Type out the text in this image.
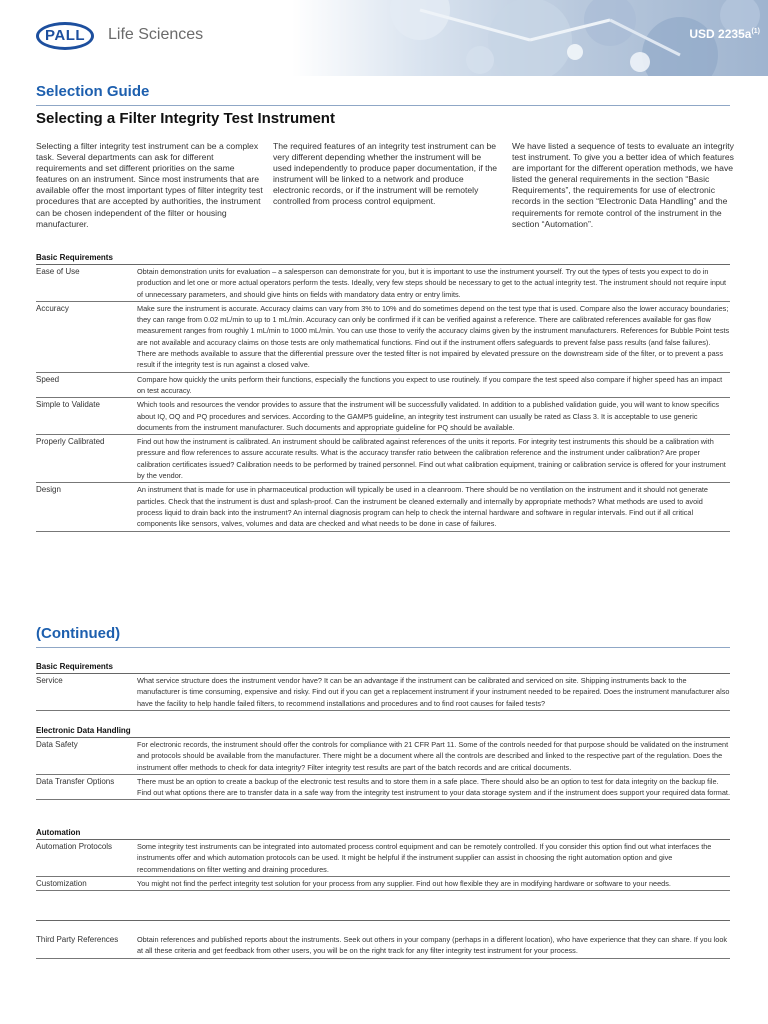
PALL	Life Sciences	USD $2235a^{(1)}$
Selection Guide
Selecting a Filter Integrity Test Instrument
Selecting a filter integrity test instrument can be a complex task. Several departments can ask for different requirements and set different priorities on the same features on an instrument. Since most instruments that are available offer the most important types of filter integrity test procedures that are accepted by authorities, the instrument can be chosen independent of the filter or housing manufacturer.
The required features of an integrity test instrument can be very different depending whether the instrument will be used independently to produce paper documentation, if the instrument will be linked to a network and produce electronic records, or if the instrument will be remotely controlled from process control equipment.
We have listed a sequence of tests to evaluate an integrity test instrument. To give you a better idea of which features are important for the different operation methods, we have listed the general requirements in the section “Basic Requirements”, the requirements for use of electronic records in the section “Electronic Data Handling” and the requirements for remote control of the instrument in the section “Automation”.
Basic Requirements
Ease of Use	Obtain demonstration units for evaluation – a salesperson can demonstrate for you, but it is important to use the instrument yourself. Try out the types of tests you expect to do in production and let one or more actual operators perform the tests. Ideally, very few steps should be necessary to get to the actual integrity test. The instrument should not require input of unnecessary parameters, and should give hints on fields with mandatory data entry or entry limits.
Accuracy	Make sure the instrument is accurate. Accuracy claims can vary from 3% to 10% and do sometimes depend on the test type that is used. Compare also the lower accuracy boundaries; they can range from 0.02 mL/min to up to 1 mL/min. Accuracy can only be confirmed if it can be verified against a reference. There are calibrated references available for gas flow measurement ranges from roughly 1 mL/min to 1000 mL/min. You can use those to verify the accuracy claims given by the instrument manufacturers. References for Bubble Point tests are not available and accuracy claims on those tests are only mathematical functions. Find out if the instrument offers safeguards to prevent false pass results (and false failures). There are methods available to assure that the differential pressure over the tested filter is not impaired by elevated pressure on the downstream side of the filter, or to prevent a pass result if the integrity test is run against a closed valve.
Speed	Compare how quickly the units perform their functions, especially the functions you expect to use routinely. If you compare the test speed also compare if higher speed has an impact on test accuracy.
Simple to Validate	Which tools and resources the vendor provides to assure that the instrument will be successfully validated. In addition to a published validation guide, you will want to know specifics about IQ, OQ and PQ procedures and services. According to the GAMP5 guideline, an integrity test instrument can usually be rated as Class 3. It is acceptable to use generic documents from the instrument manufacturer. Such documents and appropriate guideline for PQ should be available.
Properly Calibrated	Find out how the instrument is calibrated. An instrument should be calibrated against references of the units it reports. For integrity test instruments this should be a calibration with pressure and flow references to assure accurate results. What is the accuracy transfer ratio between the calibration reference and the instrument under calibration? Are proper calibration certificates issued? Calibration needs to be performed by trained personnel. Find out what calibration equipment, training or calibration service is offered for your instrument by the vendor.
Design	An instrument that is made for use in pharmaceutical production will typically be used in a cleanroom. There should be no ventilation on the instrument and it should not generate particles. Check that the instrument is dust and splash-proof. Can the instrument be cleaned externally and internally by appropriate methods? What methods are used to avoid process liquid to drain back into the instrument? An internal diagnosis program can help to check the internal hardware and software in regular intervals. Find out if all critical components like sensors, valves, volumes and data are checked and what needs to be done in case of failures.
(Continued)
Basic Requirements
Service	What service structure does the instrument vendor have? It can be an advantage if the instrument can be calibrated and serviced on site. Shipping instruments back to the manufacturer is time consuming, expensive and risky. Find out if you can get a replacement instrument if your instrument needed to be repaired. Does the instrument manufacturer also have the facility to help handle failed filters, to recommend installations and procedures and to find root causes for failed tests?
Electronic Data Handling
Data Safety	For electronic records, the instrument should offer the controls for compliance with 21 CFR Part 11. Some of the controls needed for that purpose should be validated on the instrument and protocols should be available from the manufacturer. There might be a document where all the controls are described and linked to the respective part of the regulation. Does the instrument offer methods to check for data integrity? Filter integrity test results are part of the batch records and are critical documents.
Data Transfer Options	There must be an option to create a backup of the electronic test results and to store them in a safe place. There should also be an option to test for data integrity on the backup file. Find out what options there are to transfer data in a safe way from the integrity test instrument to your data storage system and if the instrument does support your required data format.
Automation
Automation Protocols	Some integrity test instruments can be integrated into automated process control equipment and can be remotely controlled. If you consider this option find out what interfaces the instruments offer and which automation protocols can be used. It might be helpful if the instrument supplier can assist in choosing the right automation option and give recommendations on filter wetting and draining procedures.
Customization	You might not find the perfect integrity test solution for your process from any supplier. Find out how flexible they are in modifying hardware or software to your needs.
Third Party References	Obtain references and published reports about the instruments. Seek out others in your company (perhaps in a different location), who have experience that they can share. If you look at all these criteria and get feedback from other users, you will be on the right track for any filter integrity test instrument for your process.
